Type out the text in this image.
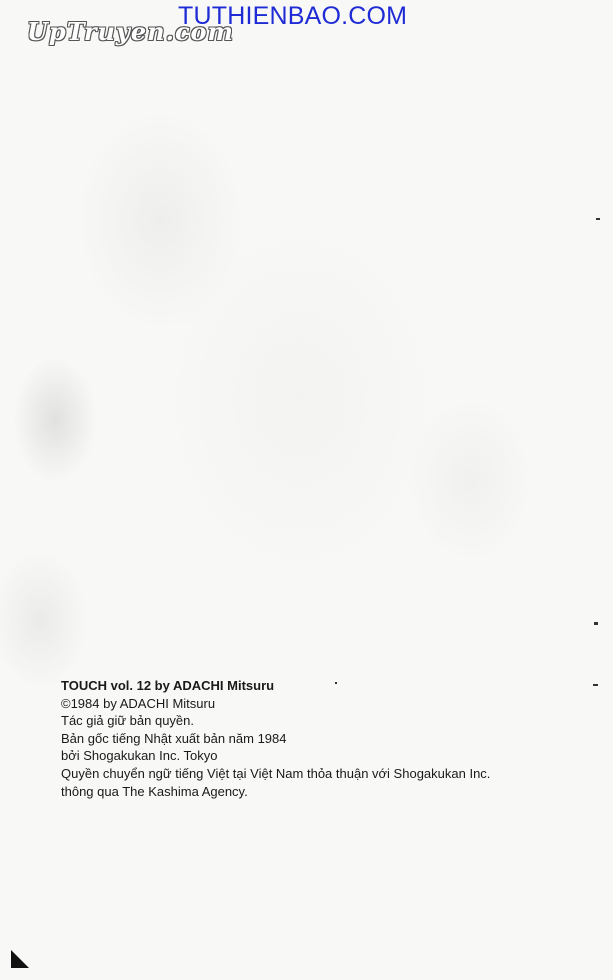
TUTHIENBAO.COM
UpTruyen.com
TOUCH vol. 12 by ADACHI Mitsuru
©1984 by ADACHI Mitsuru
Tác giả giữ bản quyền.
Bản gốc tiếng Nhật xuất bản năm 1984
bởi Shogakukan Inc. Tokyo
Quyền chuyển ngữ tiếng Việt tại Việt Nam thỏa thuận với Shogakukan Inc.
thông qua The Kashima Agency.
